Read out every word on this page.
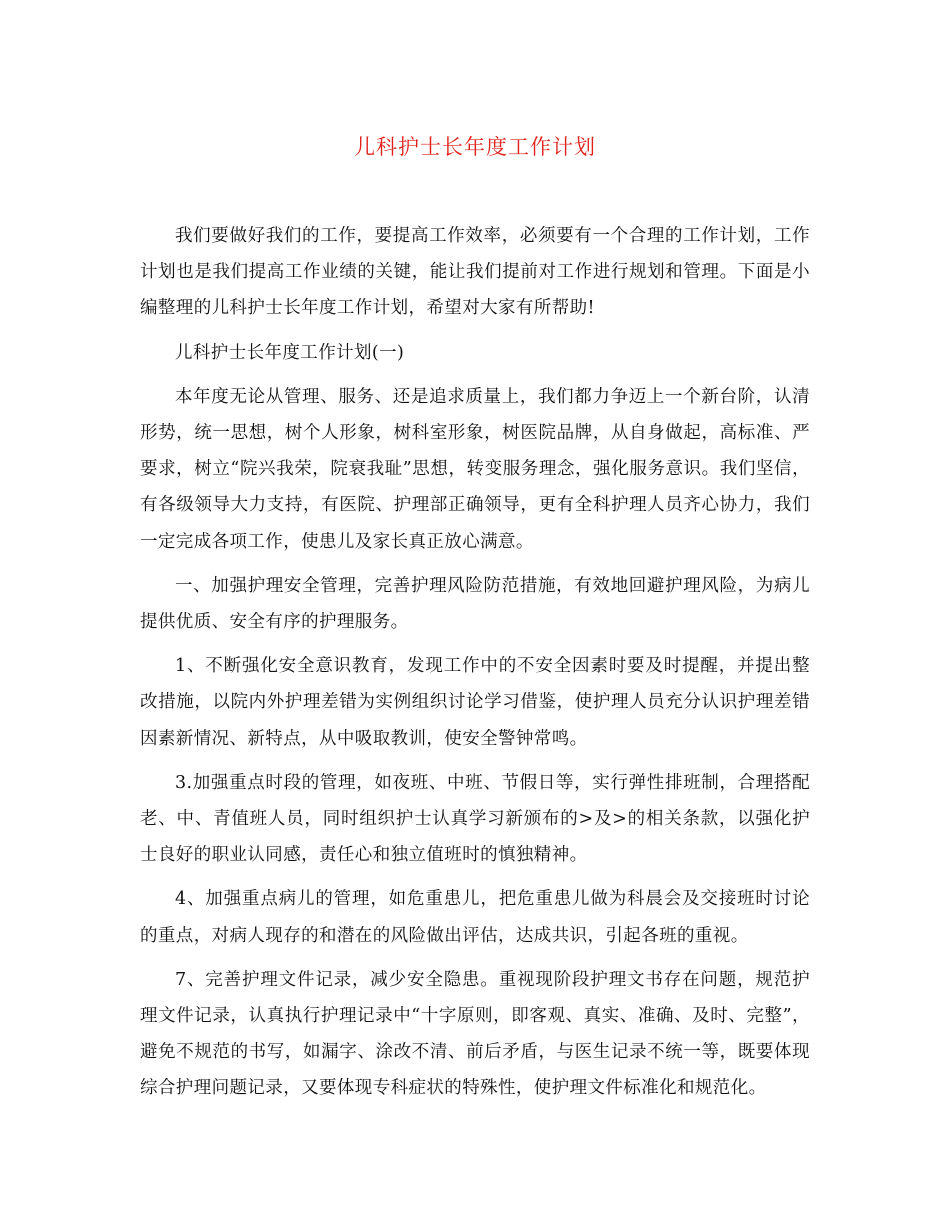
儿科护士长年度工作计划

我们要做好我们的工作，要提高工作效率，必须要有一个合理的工作计划，工作计划也是我们提高工作业绩的关键，能让我们提前对工作进行规划和管理。下面是小编整理的儿科护士长年度工作计划，希望对大家有所帮助!

儿科护士长年度工作计划(一)

本年度无论从管理、服务、还是追求质量上，我们都力争迈上一个新台阶，认清形势，统一思想，树个人形象，树科室形象，树医院品牌，从自身做起，高标准、严要求，树立“院兴我荣，院衰我耻”思想，转变服务理念，强化服务意识。我们坚信，有各级领导大力支持，有医院、护理部正确领导，更有全科护理人员齐心协力，我们一定完成各项工作，使患儿及家长真正放心满意。

一、加强护理安全管理，完善护理风险防范措施，有效地回避护理风险，为病儿提供优质、安全有序的护理服务。

1、不断强化安全意识教育，发现工作中的不安全因素时要及时提醒，并提出整改措施，以院内外护理差错为实例组织讨论学习借鉴，使护理人员充分认识护理差错因素新情况、新特点，从中吸取教训，使安全警钟常鸣。

3.加强重点时段的管理，如夜班、中班、节假日等，实行弹性排班制，合理搭配老、中、青值班人员，同时组织护士认真学习新颁布的>及>的相关条款，以强化护士良好的职业认同感，责任心和独立值班时的慎独精神。

4、加强重点病儿的管理，如危重患儿，把危重患儿做为科晨会及交接班时讨论的重点，对病人现存的和潜在的风险做出评估，达成共识，引起各班的重视。

7、完善护理文件记录，减少安全隐患。重视现阶段护理文书存在问题，规范护理文件记录，认真执行护理记录中“十字原则，即客观、真实、准确、及时、完整”，避免不规范的书写，如漏字、涂改不清、前后矛盾，与医生记录不统一等，既要体现综合护理问题记录，又要体现专科症状的特殊性，使护理文件标准化和规范化。
